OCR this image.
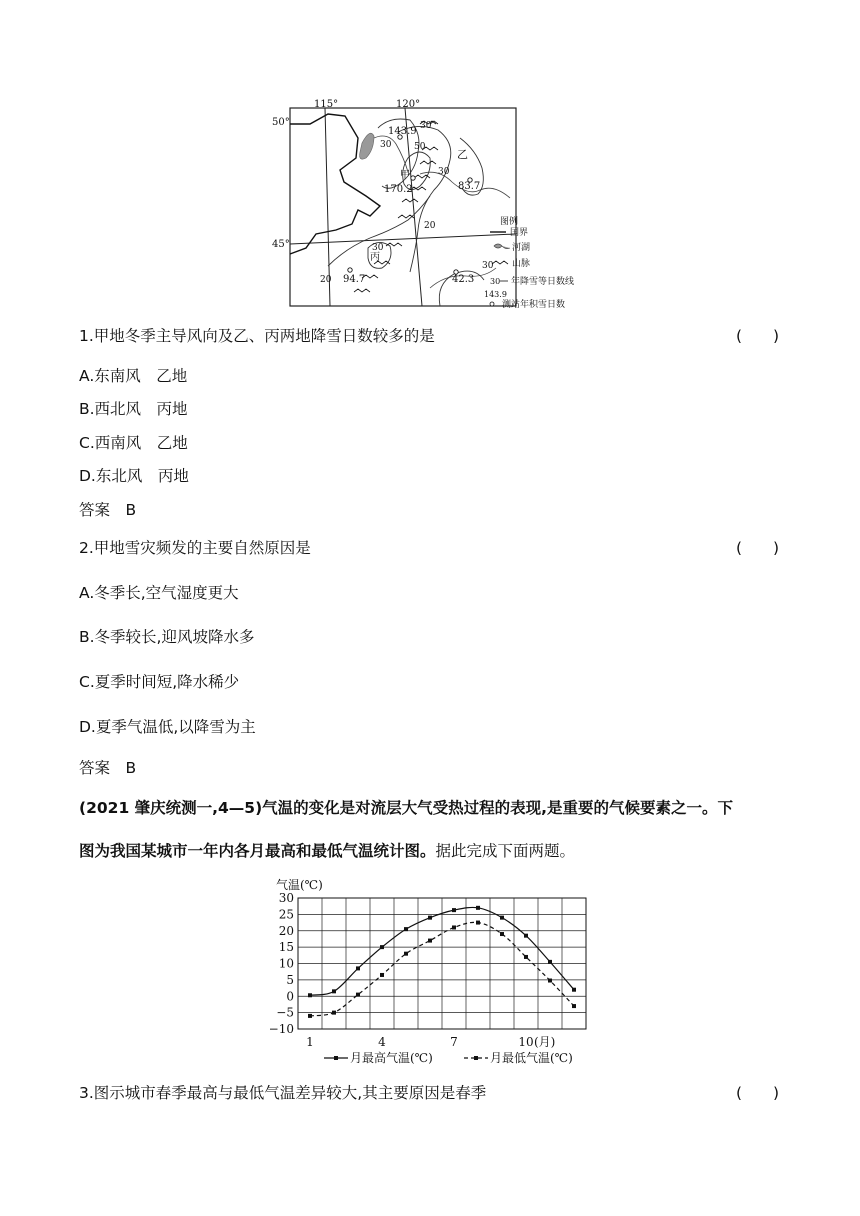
115°	120°
50°
45°
143.9
170.2	83.7
94.7	42.3
30
30	50
30
30
20
20
30
甲
乙
丙
图例
国界
河湖
山脉
30 年降雪等日数线
143.9
测站年积雪日数
1.甲地冬季主导风向及乙、丙两地降雪日数较多的是	(　　)
A.东南风　乙地
B.西北风　丙地
C.西南风　乙地
D.东北风　丙地
答案　B
2.甲地雪灾频发的主要自然原因是	(　　)
A.冬季长,空气湿度更大
B.冬季较长,迎风坡降水多
C.夏季时间短,降水稀少
D.夏季气温低,以降雪为主
答案　B
(2021 肇庆统测一,4—5)气温的变化是对流层大气受热过程的表现,是重要的气候要素之一。下
图为我国某城市一年内各月最高和最低气温统计图。据此完成下面两题。
气温(℃)
30
25
20
15
10
5
0
−5
−10
1	4	7	10 (月)
月最高气温(℃)	月最低气温(℃)
3.图示城市春季最高与最低气温差异较大,其主要原因是春季	(　　)
